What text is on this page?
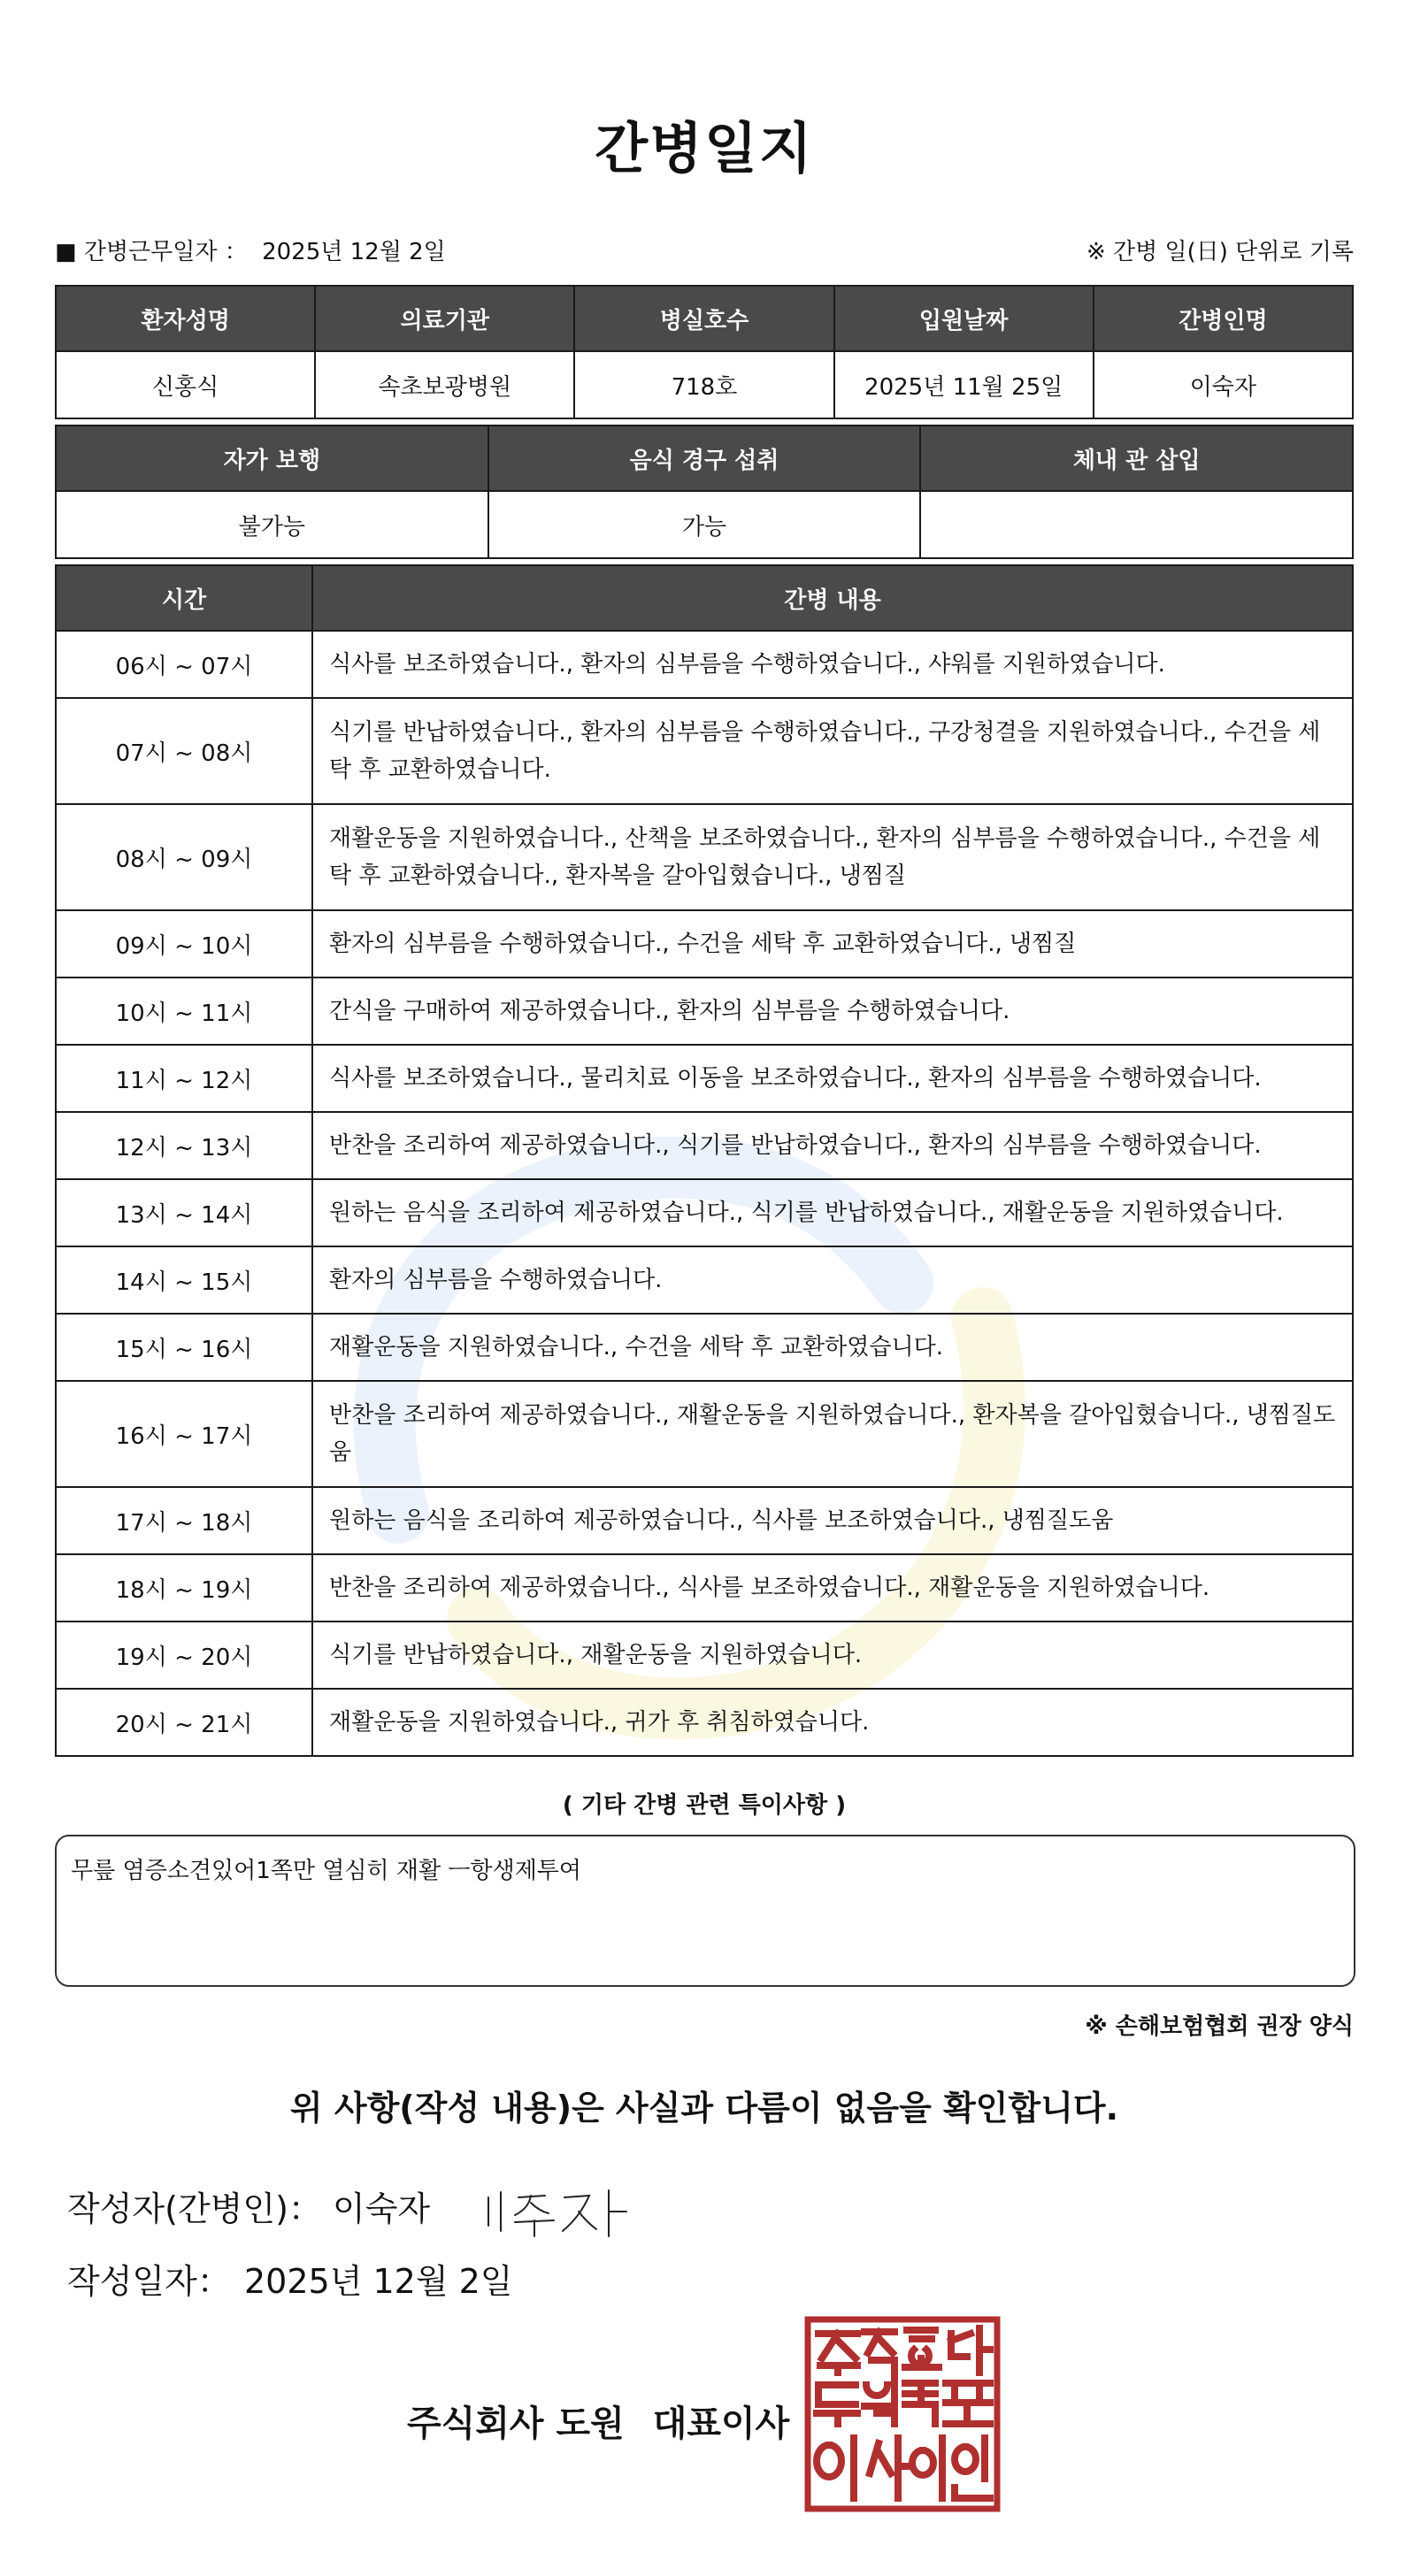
간병일지
■ 간병근무일자 ： 2025년 12월 2일	※ 간병 일(日) 단위로 기록
환자성명	의료기관	병실호수	입원날짜	간병인명
신홍식	속초보광병원	718호	2025년 11월 25일	이숙자
자가 보행	음식 경구 섭취	체내 관 삽입
불가능	가능	
시간	간병 내용
06시 ~ 07시	식사를 보조하였습니다., 환자의 심부름을 수행하였습니다., 샤워를 지원하였습니다.
07시 ~ 08시	식기를 반납하였습니다., 환자의 심부름을 수행하였습니다., 구강청결을 지원하였습니다., 수건을 세탁 후 교환하였습니다.
08시 ~ 09시	재활운동을 지원하였습니다., 산책을 보조하였습니다., 환자의 심부름을 수행하였습니다., 수건을 세탁 후 교환하였습니다., 환자복을 갈아입혔습니다., 냉찜질
09시 ~ 10시	환자의 심부름을 수행하였습니다., 수건을 세탁 후 교환하였습니다., 냉찜질
10시 ~ 11시	간식을 구매하여 제공하였습니다., 환자의 심부름을 수행하였습니다.
11시 ~ 12시	식사를 보조하였습니다., 물리치료 이동을 보조하였습니다., 환자의 심부름을 수행하였습니다.
12시 ~ 13시	반찬을 조리하여 제공하였습니다., 식기를 반납하였습니다., 환자의 심부름을 수행하였습니다.
13시 ~ 14시	원하는 음식을 조리하여 제공하였습니다., 식기를 반납하였습니다., 재활운동을 지원하였습니다.
14시 ~ 15시	환자의 심부름을 수행하였습니다.
15시 ~ 16시	재활운동을 지원하였습니다., 수건을 세탁 후 교환하였습니다.
16시 ~ 17시	반찬을 조리하여 제공하였습니다., 재활운동을 지원하였습니다., 환자복을 갈아입혔습니다., 냉찜질도움
17시 ~ 18시	원하는 음식을 조리하여 제공하였습니다., 식사를 보조하였습니다., 냉찜질도움
18시 ~ 19시	반찬을 조리하여 제공하였습니다., 식사를 보조하였습니다., 재활운동을 지원하였습니다.
19시 ~ 20시	식기를 반납하였습니다., 재활운동을 지원하였습니다.
20시 ~ 21시	재활운동을 지원하였습니다., 귀가 후 취침하였습니다.
( 기타 간병 관련 특이사항 )
무릎 염증소견있어1쪽만 열심히 재활 ㅡ항생제투여
※ 손해보험협회 권장 양식
위 사항(작성 내용)은 사실과 다름이 없음을 확인합니다.
작성자(간병인)： 이숙자
작성일자： 2025년 12월 2일
주식회사 도원 대표이사
